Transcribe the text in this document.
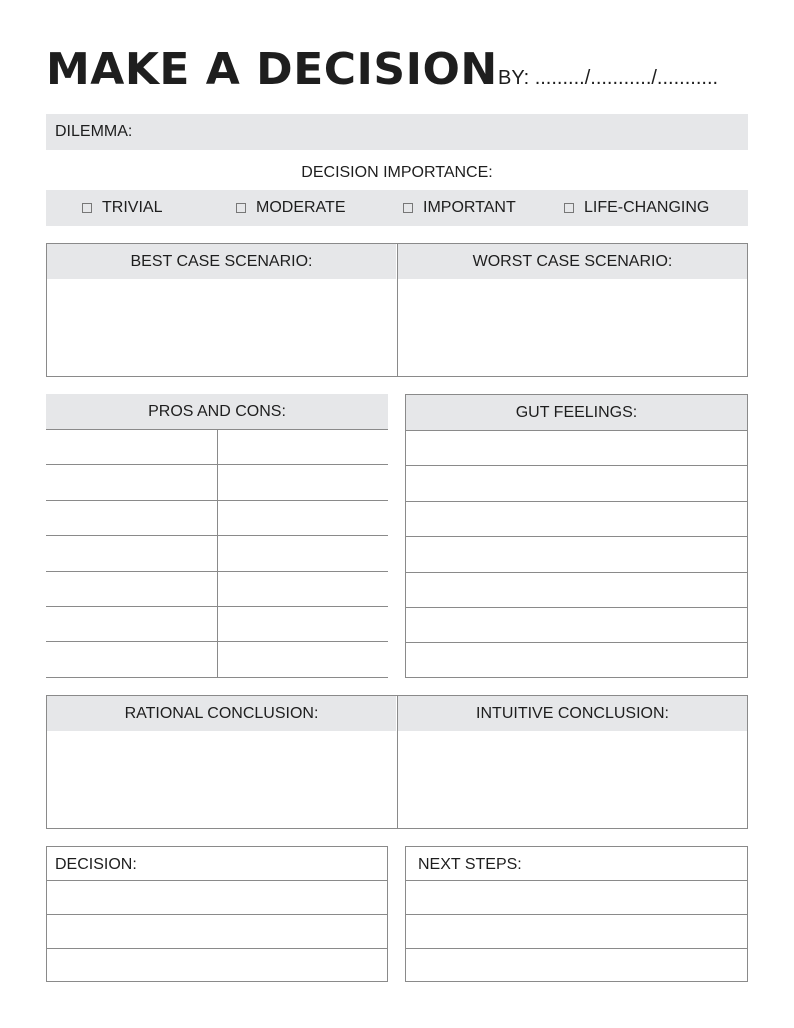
MAKE A DECISION BY: ........./.........../...........
DILEMMA:
DECISION IMPORTANCE:
TRIVIAL	MODERATE	IMPORTANT	LIFE-CHANGING
BEST CASE SCENARIO:	WORST CASE SCENARIO:
PROS AND CONS:	GUT FEELINGS:
RATIONAL CONCLUSION:	INTUITIVE CONCLUSION:
DECISION:	NEXT STEPS:
